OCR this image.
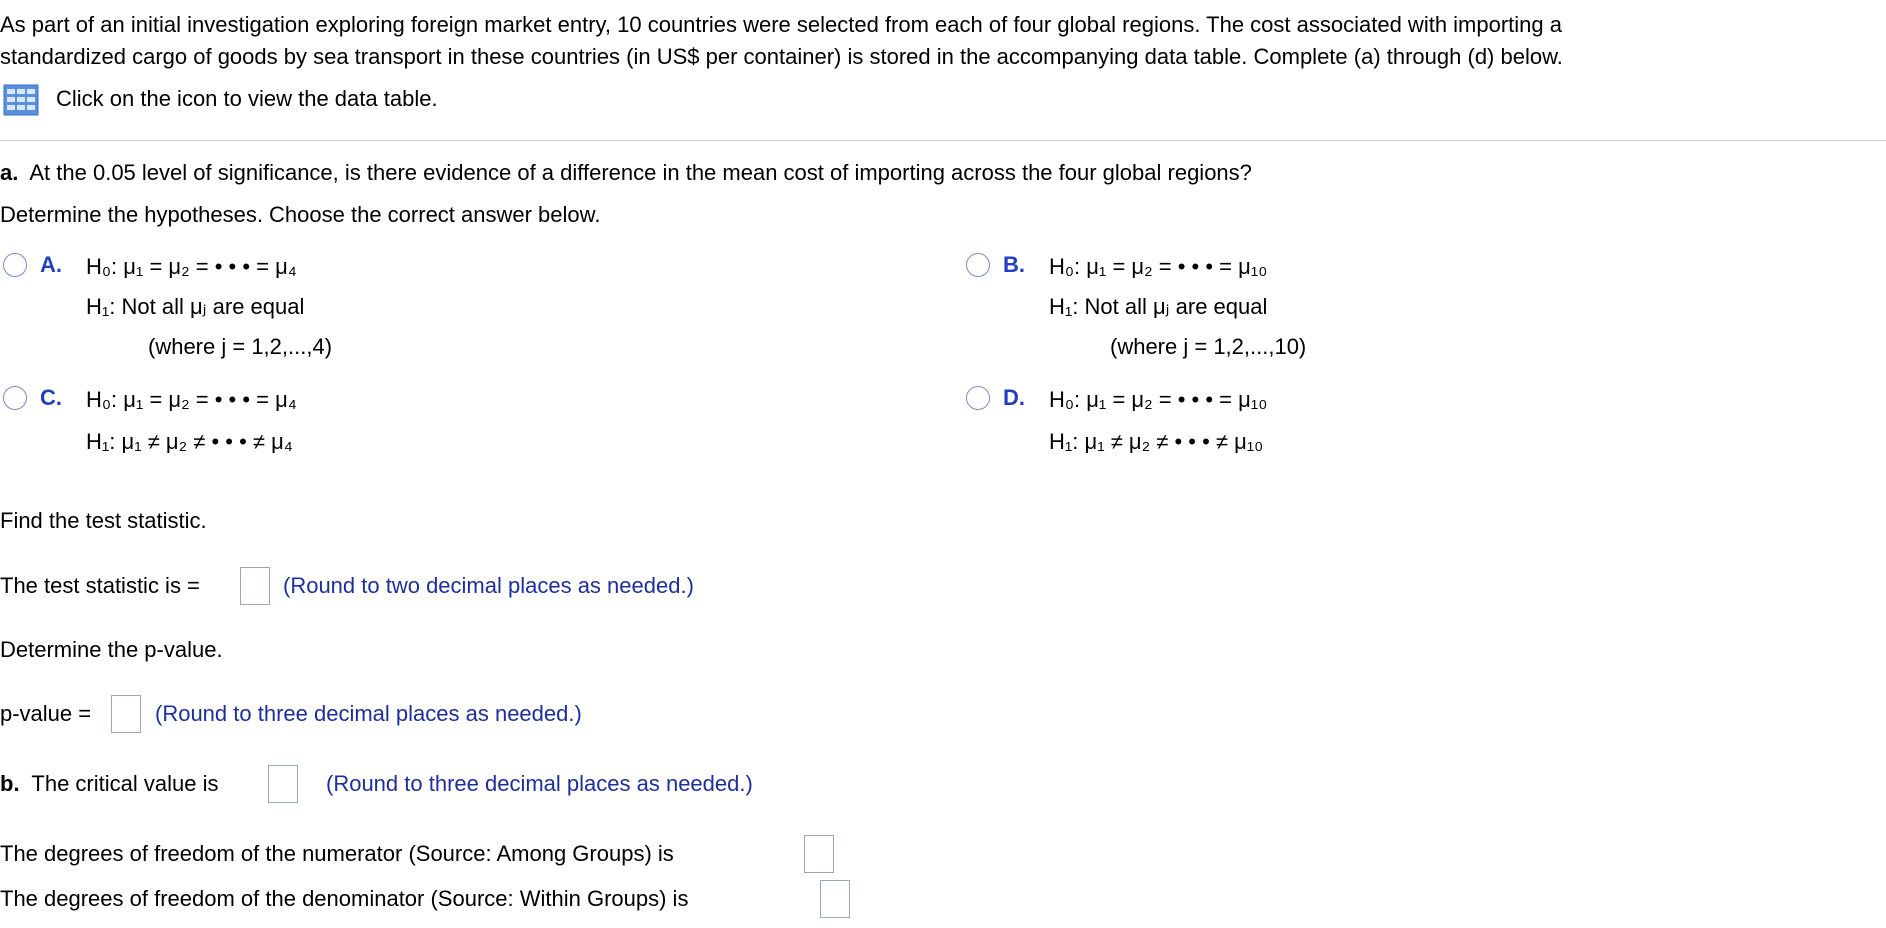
As part of an initial investigation exploring foreign market entry, 10 countries were selected from each of four global regions. The cost associated with importing a
standardized cargo of goods by sea transport in these countries (in US$ per container) is stored in the accompanying data table. Complete (a) through (d) below.
Click on the icon to view the data table.
a. At the 0.05 level of significance, is there evidence of a difference in the mean cost of importing across the four global regions?
Determine the hypotheses. Choose the correct answer below.
A. H₀: μ₁ = μ₂ = • • • = μ₄
H₁: Not all μⱼ are equal
(where j = 1,2,...,4)
B. H₀: μ₁ = μ₂ = • • • = μ₁₀
H₁: Not all μⱼ are equal
(where j = 1,2,...,10)
C. H₀: μ₁ = μ₂ = • • • = μ₄
H₁: μ₁ ≠ μ₂ ≠ • • • ≠ μ₄
D. H₀: μ₁ = μ₂ = • • • = μ₁₀
H₁: μ₁ ≠ μ₂ ≠ • • • ≠ μ₁₀
Find the test statistic.
The test statistic is =	(Round to two decimal places as needed.)
Determine the p-value.
p-value =	(Round to three decimal places as needed.)
b. The critical value is	(Round to three decimal places as needed.)
The degrees of freedom of the numerator (Source: Among Groups) is
The degrees of freedom of the denominator (Source: Within Groups) is
